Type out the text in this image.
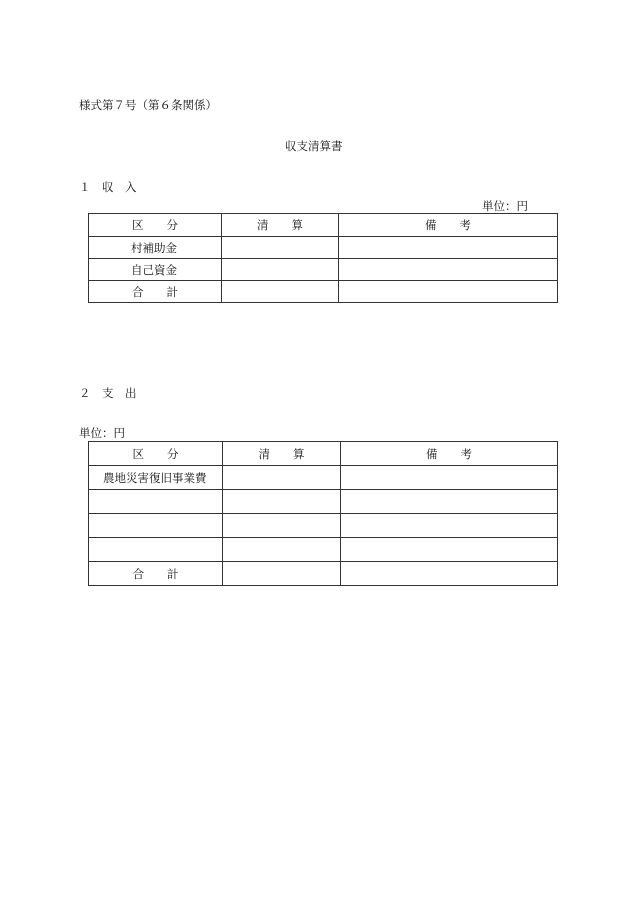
様式第７号（第６条関係）
収支清算書
１　収　入
単位：円
区　　分	清　　算	備　　考
村補助金		
自己資金		
合　　計		
２　支　出
単位：円
区　　分	清　　算	備　　考
農地災害復旧事業費		

合　　計		
